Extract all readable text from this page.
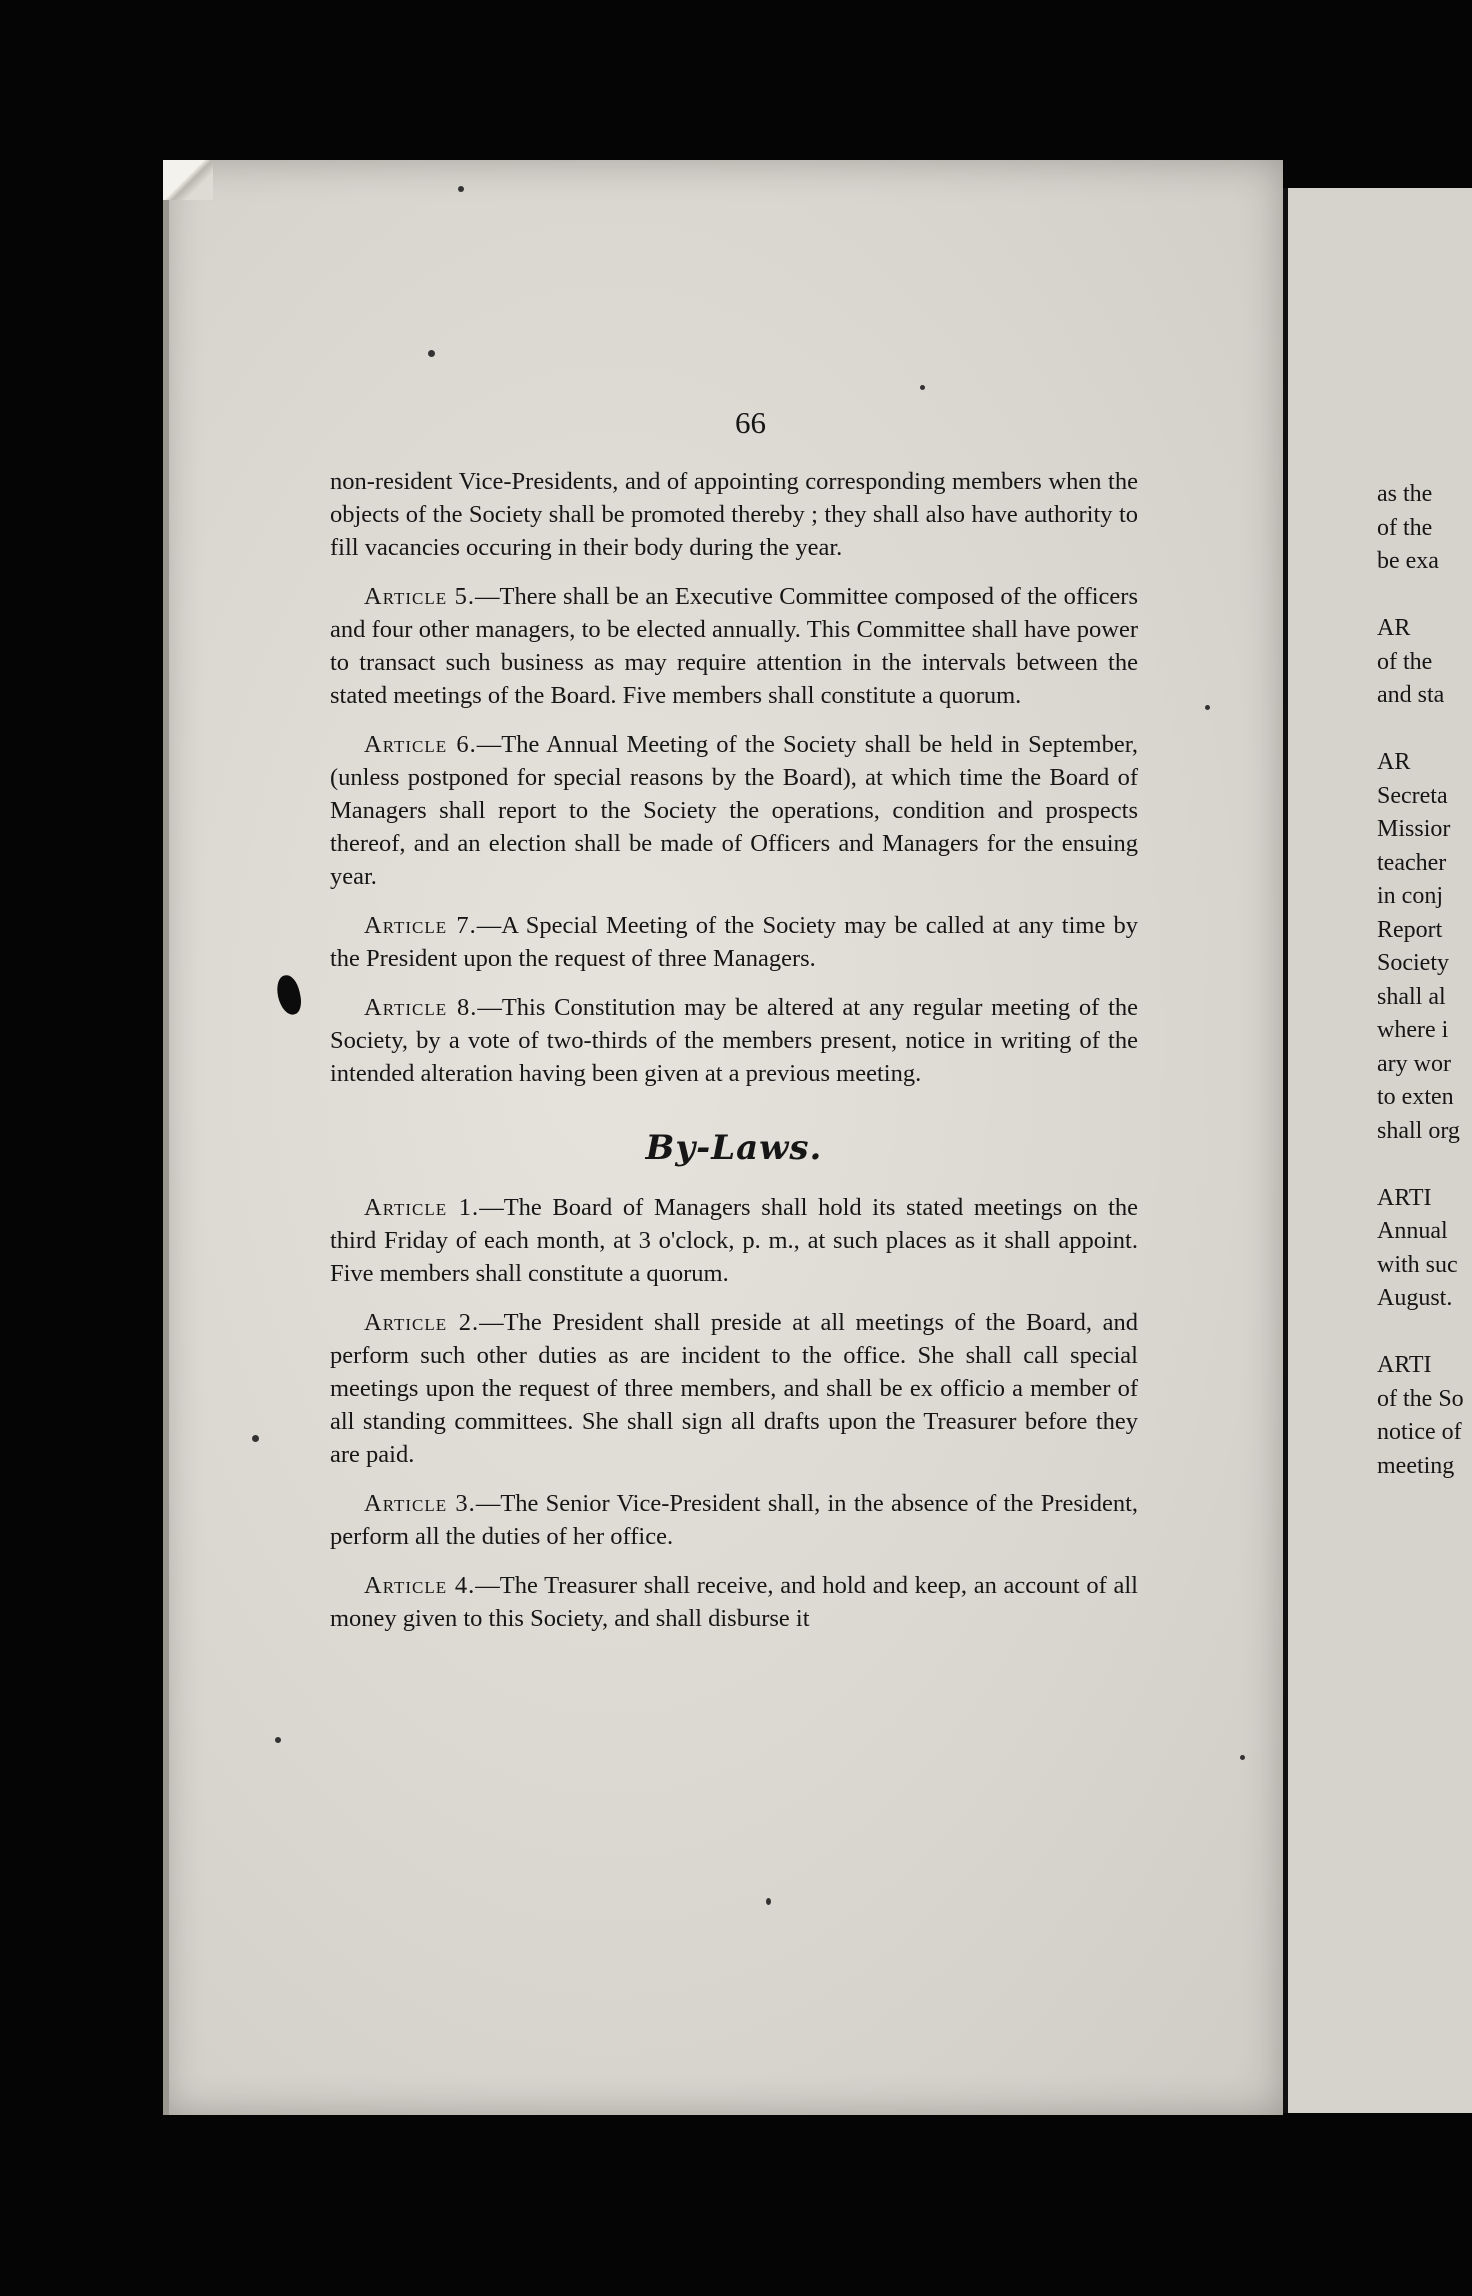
66

non-resident Vice-Presidents, and of appointing corresponding members when the objects of the Society shall be promoted thereby ; they shall also have authority to fill vacancies occuring in their body during the year.

Article 5.—There shall be an Executive Committee composed of the officers and four other managers, to be elected annually. This Committee shall have power to transact such business as may require attention in the intervals between the stated meetings of the Board. Five members shall constitute a quorum.

Article 6.—The Annual Meeting of the Society shall be held in September, (unless postponed for special reasons by the Board), at which time the Board of Managers shall report to the Society the operations, condition and prospects thereof, and an election shall be made of Officers and Managers for the ensuing year.

Article 7.—A Special Meeting of the Society may be called at any time by the President upon the request of three Managers.

Article 8.—This Constitution may be altered at any regular meeting of the Society, by a vote of two-thirds of the members present, notice in writing of the intended alteration having been given at a previous meeting.

By-Laws.

Article 1.—The Board of Managers shall hold its stated meetings on the third Friday of each month, at 3 o'clock, p. m., at such places as it shall appoint. Five members shall constitute a quorum.

Article 2.—The President shall preside at all meetings of the Board, and perform such other duties as are incident to the office. She shall call special meetings upon the request of three members, and shall be ex officio a member of all standing committees. She shall sign all drafts upon the Treasurer before they are paid.

Article 3.—The Senior Vice-President shall, in the absence of the President, perform all the duties of her office.

Article 4.—The Treasurer shall receive, and hold and keep, an account of all money given to this Society, and shall disburse it

as the
of the
be exa
AR
of the
and sta
AR
Secreta
Missior
teacher
in conj
Report
Society
shall al
where i
ary wor
to exten
shall org
ARTI
Annual
with suc
August.
ARTI
of the So
notice of
meeting
